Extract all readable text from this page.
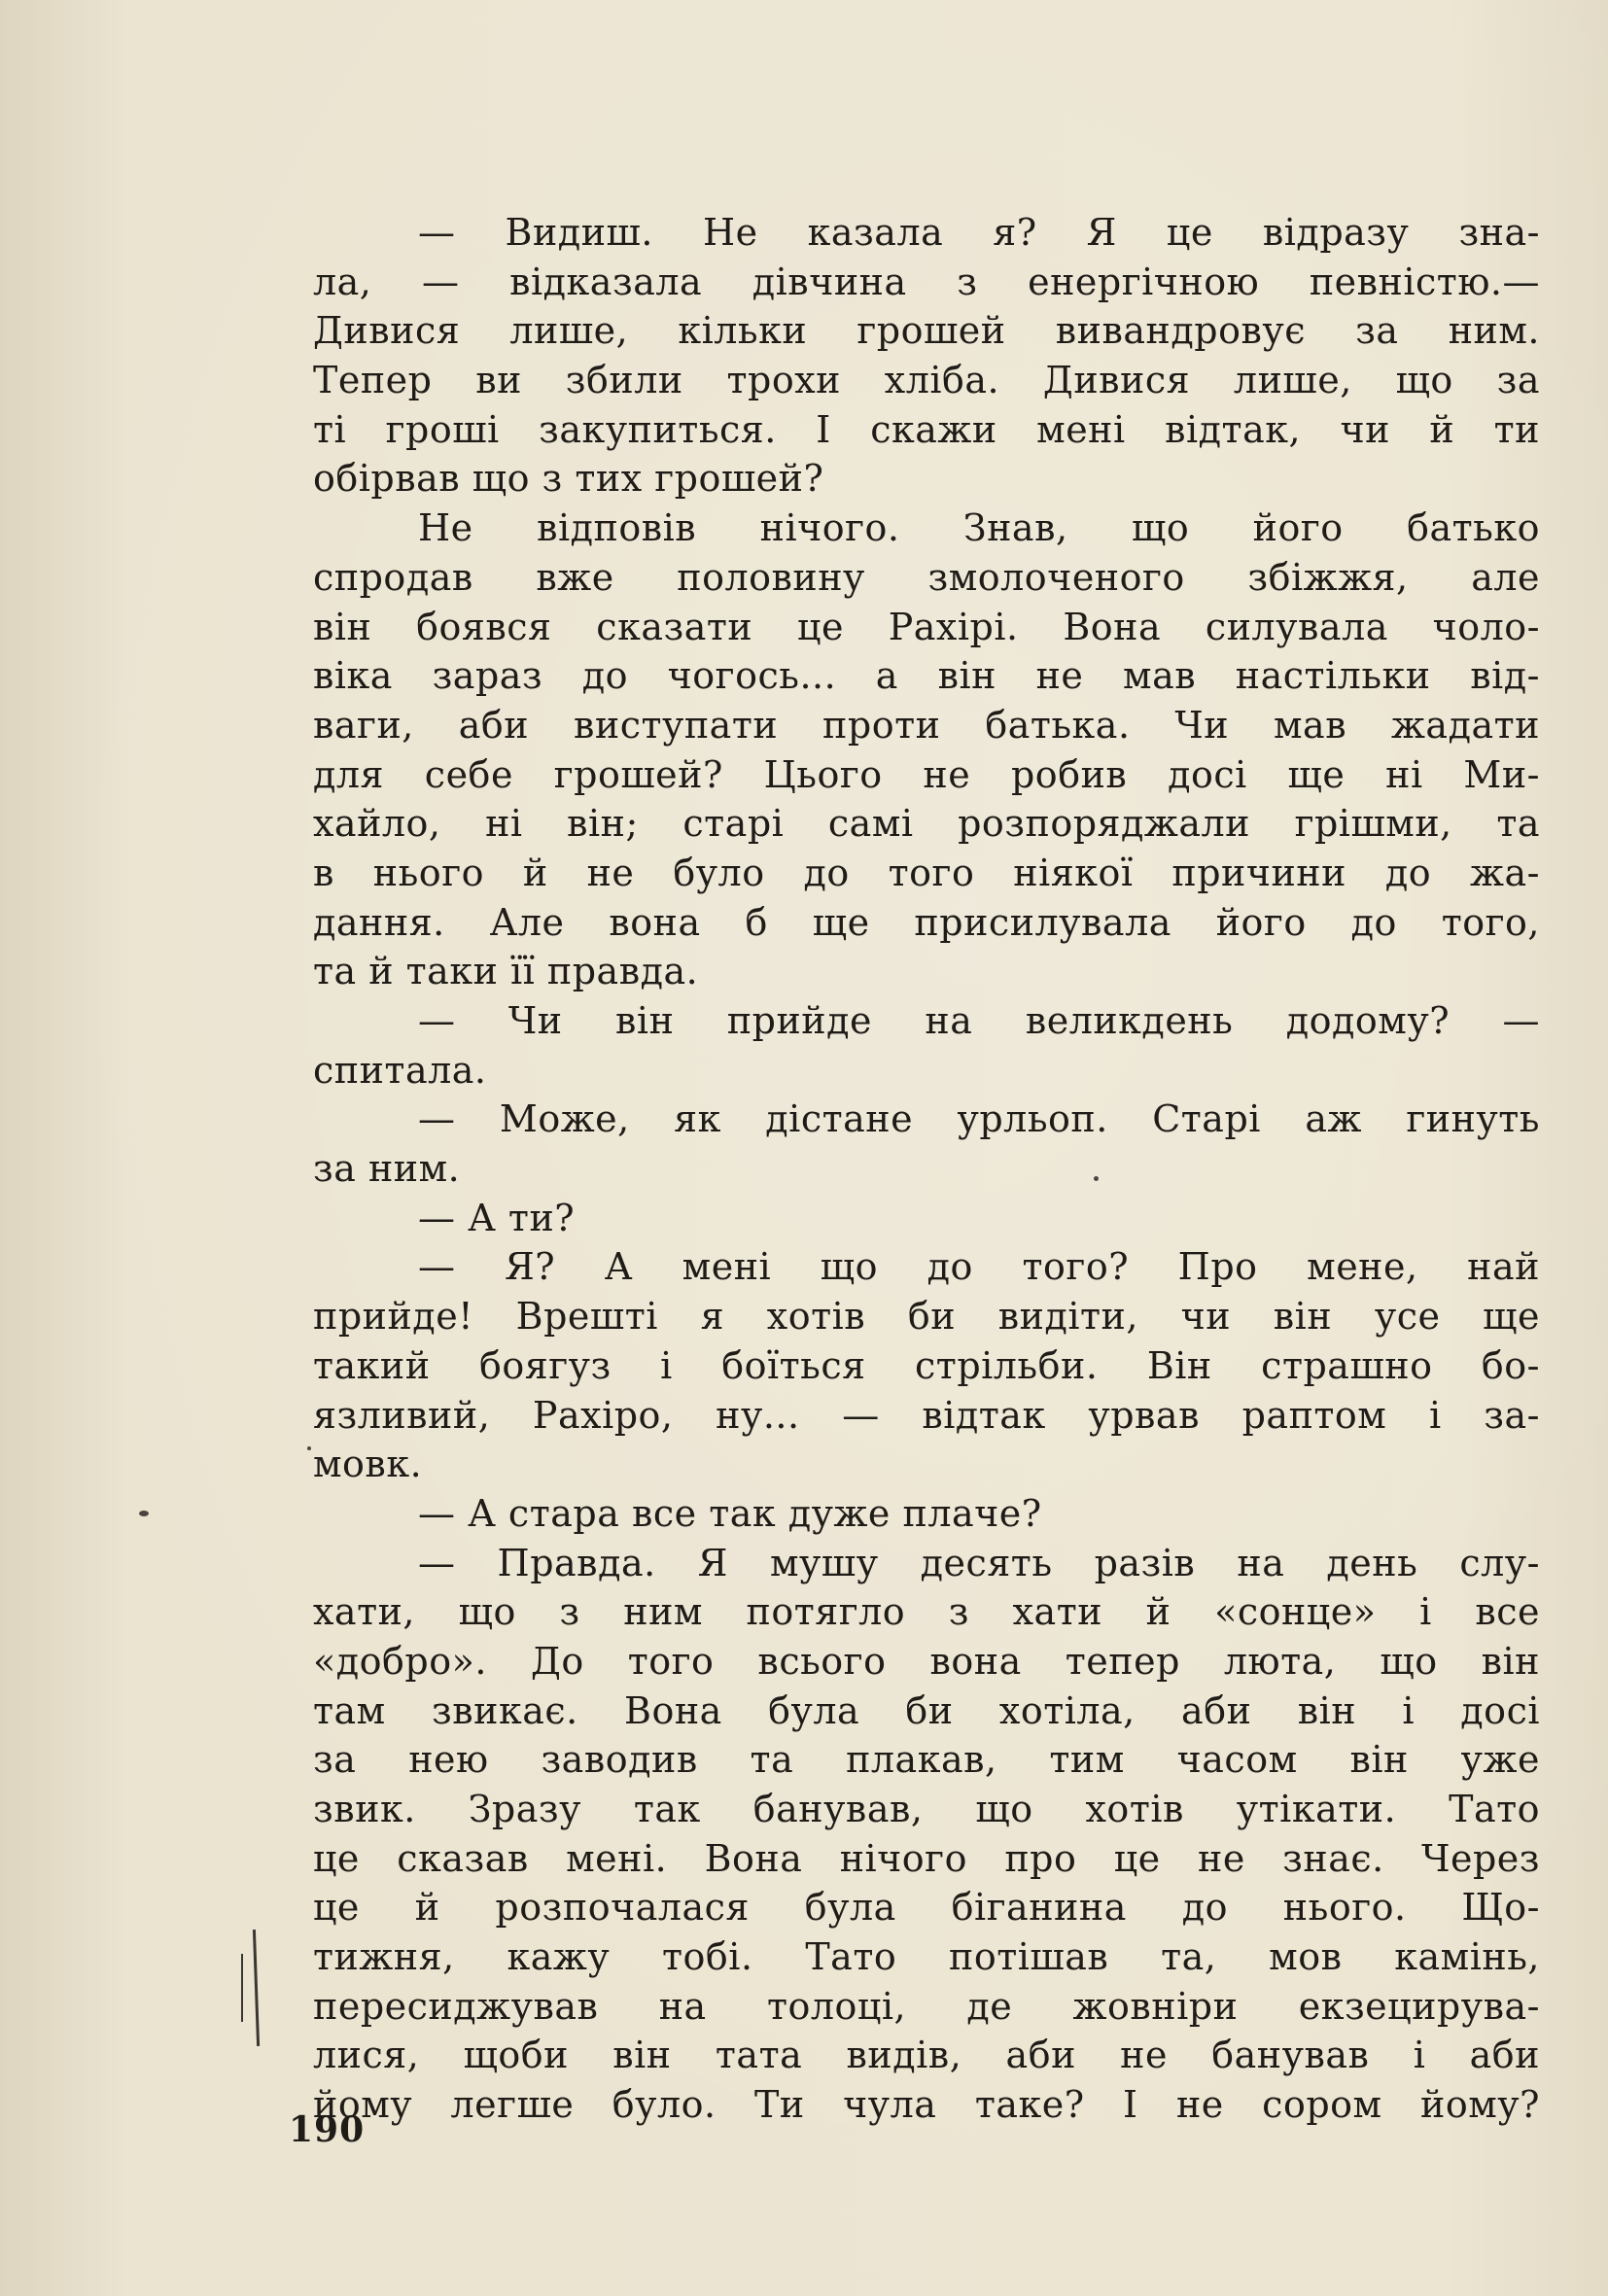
— Видиш. Не казала я? Я це відразу зна-
ла, — відказала дівчина з енергічною певністю.—
Дивися лише, кільки грошей вивандровує за ним.
Тепер ви збили трохи хліба. Дивися лише, що за
ті гроші закупиться. І скажи мені відтак, чи й ти
обірвав що з тих грошей?
Не відповів нічого. Знав, що його батько
спродав вже половину змолоченого збіжжя, але
він боявся сказати це Рахірі. Вона силувала чоло-
віка зараз до чогось... а він не мав настільки від-
ваги, аби виступати проти батька. Чи мав жадати
для себе грошей? Цього не робив досі ще ні Ми-
хайло, ні він; старі самі розпоряджали грішми, та
в нього й не було до того ніякої причини до жа-
дання. Але вона б ще присилувала його до того,
та й таки її правда.
— Чи він прийде на великдень додому? —
спитала.
— Може, як дістане урльоп. Старі аж гинуть
за ним.
— А ти?
— Я? А мені що до того? Про мене, най
прийде! Врешті я хотів би видіти, чи він усе ще
такий боягуз і боїться стрільби. Він страшно бо-
язливий, Рахіро, ну... — відтак урвав раптом і за-
мовк.
— А стара все так дуже плаче?
— Правда. Я мушу десять разів на день слу-
хати, що з ним потягло з хати й «сонце» і все
«добро». До того всього вона тепер люта, що він
там звикає. Вона була би хотіла, аби він і досі
за нею заводив та плакав, тим часом він уже
звик. Зразу так банував, що хотів утікати. Тато
це сказав мені. Вона нічого про це не знає. Через
це й розпочалася була біганина до нього. Що-
тижня, кажу тобі. Тато потішав та, мов камінь,
пересиджував на толоці, де жовніри екзецирува-
лися, щоби він тата видів, аби не банував і аби
йому легше було. Ти чула таке? І не сором йому?
190
